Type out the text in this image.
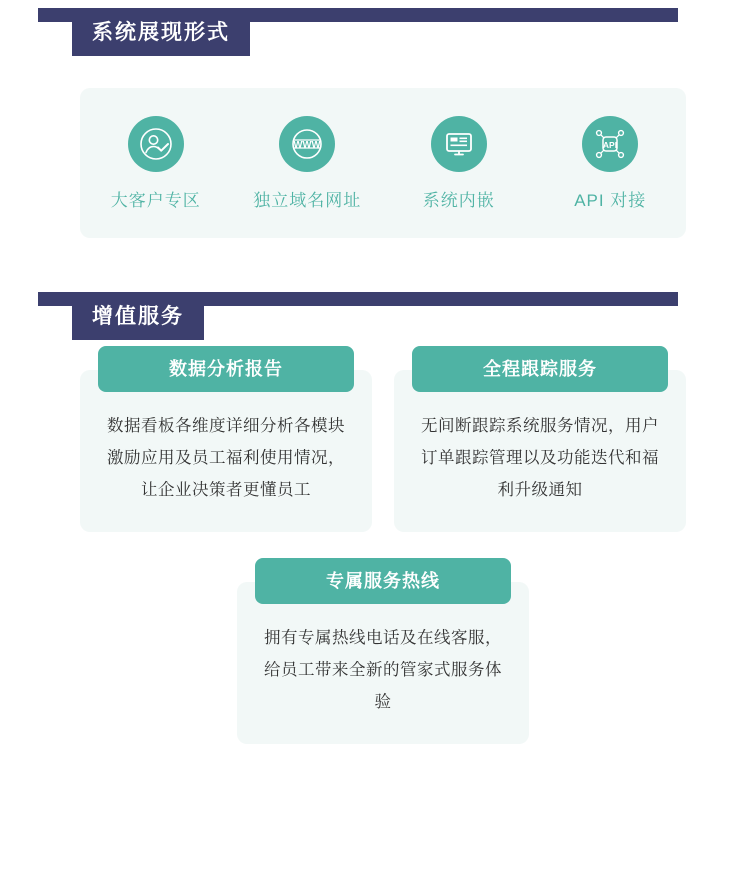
系统展现形式
大客户专区
WWW
独立域名网址	系统内嵌
API
API 对接
增值服务
数据分析报告
数据看板各维度详细分析各模块激励应用及员工福利使用情况，让企业决策者更懂员工
全程跟踪服务
无间断跟踪系统服务情况，用户订单跟踪管理以及功能迭代和福利升级通知
专属服务热线
拥有专属热线电话及在线客服，给员工带来全新的管家式服务体验
